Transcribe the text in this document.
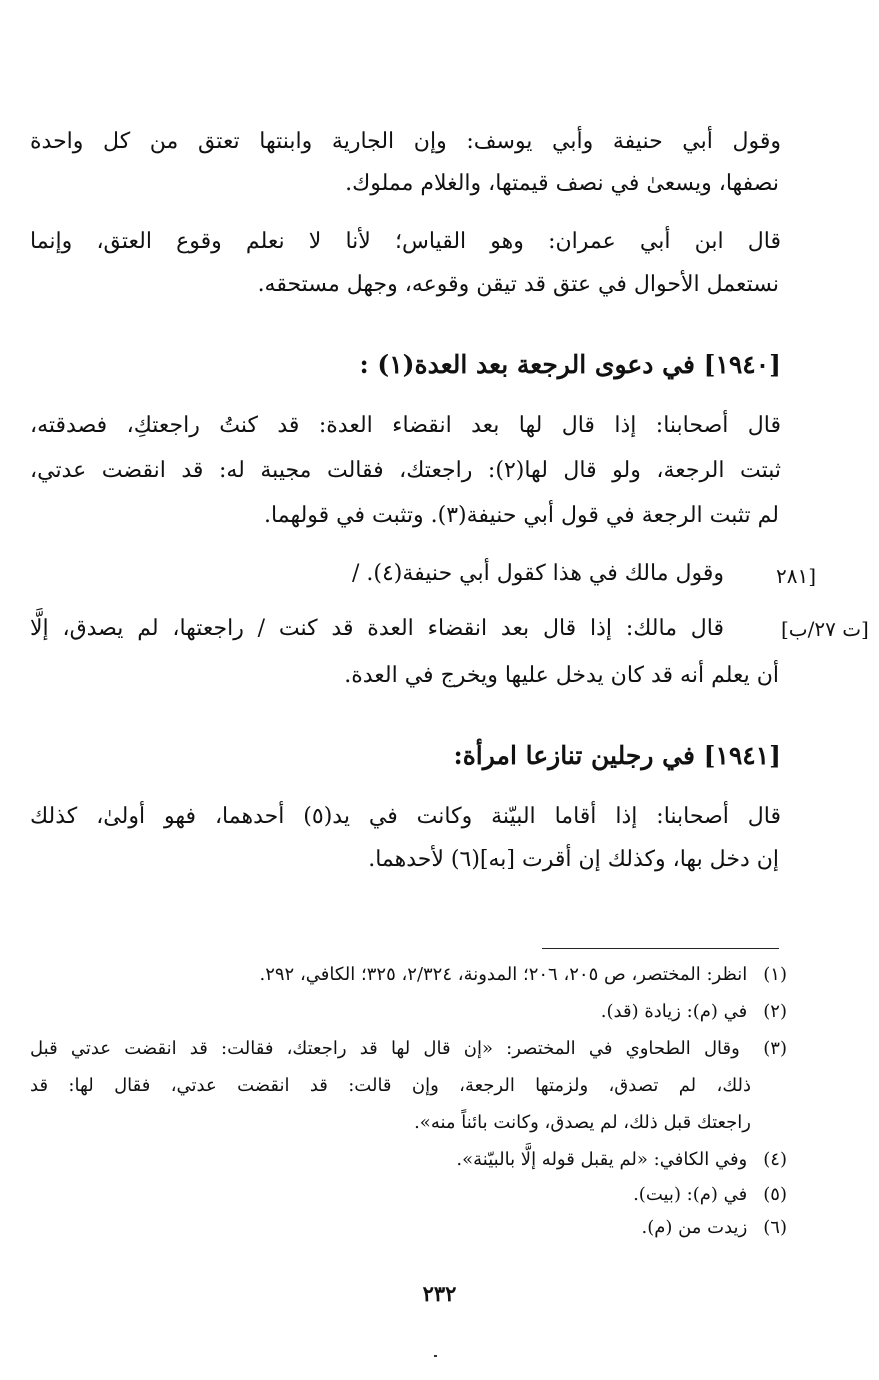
وقول أبي حنيفة وأبي يوسف: وإن الجارية وابنتها تعتق من كل واحدة
نصفها، ويسعىٰ في نصف قيمتها، والغلام مملوك.
قال ابن أبي عمران: وهو القياس؛ لأنا لا نعلم وقوع العتق، وإنما
نستعمل الأحوال في عتق قد تيقن وقوعه، وجهل مستحقه.
[١٩٤٠] في دعوى الرجعة بعد العدة(١) :
قال أصحابنا: إذا قال لها بعد انقضاء العدة: قد كنتُ راجعتكِ، فصدقته،
ثبتت الرجعة، ولو قال لها(٢): راجعتك، فقالت مجيبة له: قد انقضت عدتي،
لم تثبت الرجعة في قول أبي حنيفة(٣). وتثبت في قولهما.
وقول مالك في هذا كقول أبي حنيفة(٤). /	[٢٨١
قال مالك: إذا قال بعد انقضاء العدة قد كنت / راجعتها، لم يصدق، إلَّا	[ت ٢٧/ب]
أن يعلم أنه قد كان يدخل عليها ويخرج في العدة.
[١٩٤١] في رجلين تنازعا امرأة:
قال أصحابنا: إذا أقاما البيّنة وكانت في يد(٥) أحدهما، فهو أولىٰ، كذلك
إن دخل بها، وكذلك إن أقرت [به](٦) لأحدهما.
(١) انظر: المختصر، ص ٢٠٥، ٢٠٦؛ المدونة، ٢/٣٢٤، ٣٢٥؛ الكافي، ٢٩٢.
(٢) في (م): زيادة (قد).
(٣) وقال الطحاوي في المختصر: «إن قال لها قد راجعتك، فقالت: قد انقضت عدتي قبل
ذلك، لم تصدق، ولزمتها الرجعة، وإن قالت: قد انقضت عدتي، فقال لها: قد
راجعتك قبل ذلك، لم يصدق، وكانت بائناً منه».
(٤) وفي الكافي: «لم يقبل قوله إلَّا بالبيّنة».
(٥) في (م): (بيت).
(٦) زيدت من (م).
٢٣٢
